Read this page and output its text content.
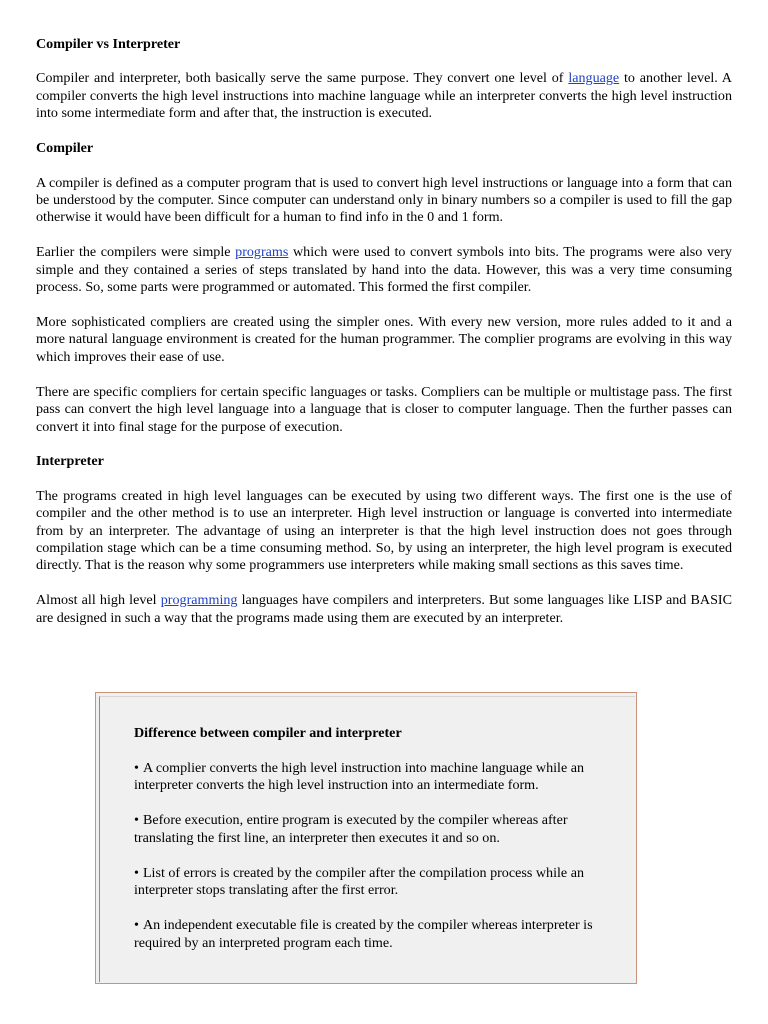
Compiler vs Interpreter

Compiler and interpreter, both basically serve the same purpose. They convert one level of language to another level. A compiler converts the high level instructions into machine language while an interpreter converts the high level instruction into some intermediate form and after that, the instruction is executed.

Compiler

A compiler is defined as a computer program that is used to convert high level instructions or language into a form that can be understood by the computer. Since computer can understand only in binary numbers so a compiler is used to fill the gap otherwise it would have been difficult for a human to find info in the 0 and 1 form.

Earlier the compilers were simple programs which were used to convert symbols into bits. The programs were also very simple and they contained a series of steps translated by hand into the data. However, this was a very time consuming process. So, some parts were programmed or automated. This formed the first compiler.

More sophisticated compliers are created using the simpler ones. With every new version, more rules added to it and a more natural language environment is created for the human programmer. The complier programs are evolving in this way which improves their ease of use.

There are specific compliers for certain specific languages or tasks. Compliers can be multiple or multistage pass. The first pass can convert the high level language into a language that is closer to computer language. Then the further passes can convert it into final stage for the purpose of execution.

Interpreter

The programs created in high level languages can be executed by using two different ways. The first one is the use of compiler and the other method is to use an interpreter. High level instruction or language is converted into intermediate from by an interpreter. The advantage of using an interpreter is that the high level instruction does not goes through compilation stage which can be a time consuming method. So, by using an interpreter, the high level program is executed directly. That is the reason why some programmers use interpreters while making small sections as this saves time.

Almost all high level programming languages have compilers and interpreters. But some languages like LISP and BASIC are designed in such a way that the programs made using them are executed by an interpreter.

Difference between compiler and interpreter
• A complier converts the high level instruction into machine language while an interpreter converts the high level instruction into an intermediate form.
• Before execution, entire program is executed by the compiler whereas after translating the first line, an interpreter then executes it and so on.
• List of errors is created by the compiler after the compilation process while an interpreter stops translating after the first error.
• An independent executable file is created by the compiler whereas interpreter is required by an interpreted program each time.
